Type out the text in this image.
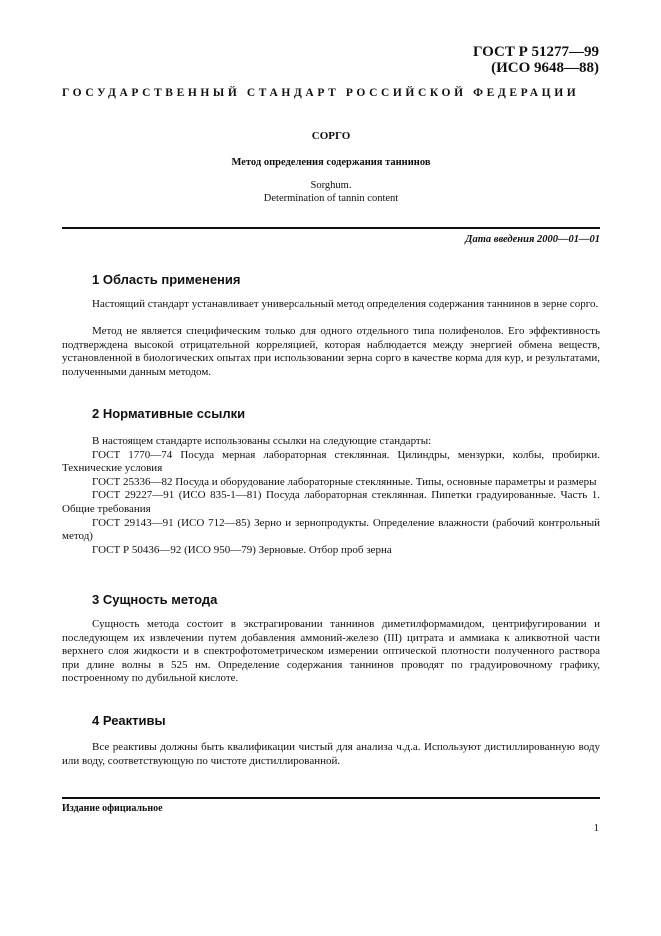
ГОСТ Р 51277—99
(ИСО 9648—88)
ГОСУДАРСТВЕННЫЙ СТАНДАРТ РОССИЙСКОЙ ФЕДЕРАЦИИ
СОРГО
Метод определения содержания таннинов
Sorghum.
Determination of tannin content
Дата введения 2000—01—01
1 Область применения

Настоящий стандарт устанавливает универсальный метод определения содержания таннинов в зерне сорго.

Метод не является специфическим только для одного отдельного типа полифенолов. Его эффективность подтверждена высокой отрицательной корреляцией, которая наблюдается между энергией обмена веществ, установленной в биологических опытах при использовании зерна сорго в качестве корма для кур, и результатами, полученными данным методом.

2 Нормативные ссылки

В настоящем стандарте использованы ссылки на следующие стандарты:

ГОСТ 1770—74 Посуда мерная лабораторная стеклянная. Цилиндры, мензурки, колбы, пробирки. Технические условия

ГОСТ 25336—82 Посуда и оборудование лабораторные стеклянные. Типы, основные параметры и размеры

ГОСТ 29227—91 (ИСО 835-1—81) Посуда лабораторная стеклянная. Пипетки градуированные. Часть 1. Общие требования

ГОСТ 29143—91 (ИСО 712—85) Зерно и зернопродукты. Определение влажности (рабочий контрольный метод)

ГОСТ Р 50436—92 (ИСО 950—79) Зерновые. Отбор проб зерна

3 Сущность метода

Сущность метода состоит в экстрагировании таннинов диметилформамидом, центрифугировании и последующем их извлечении путем добавления аммоний-железо (III) цитрата и аммиака к аликвотной части верхнего слоя жидкости и в спектрофотометрическом измерении оптической плотности полученного раствора при длине волны в 525 нм. Определение содержания таннинов проводят по градуировочному графику, построенному по дубильной кислоте.

4 Реактивы

Все реактивы должны быть квалификации чистый для анализа ч.д.а. Используют дистиллированную воду или воду, соответствующую по чистоте дистиллированной.

Издание официальное
1
